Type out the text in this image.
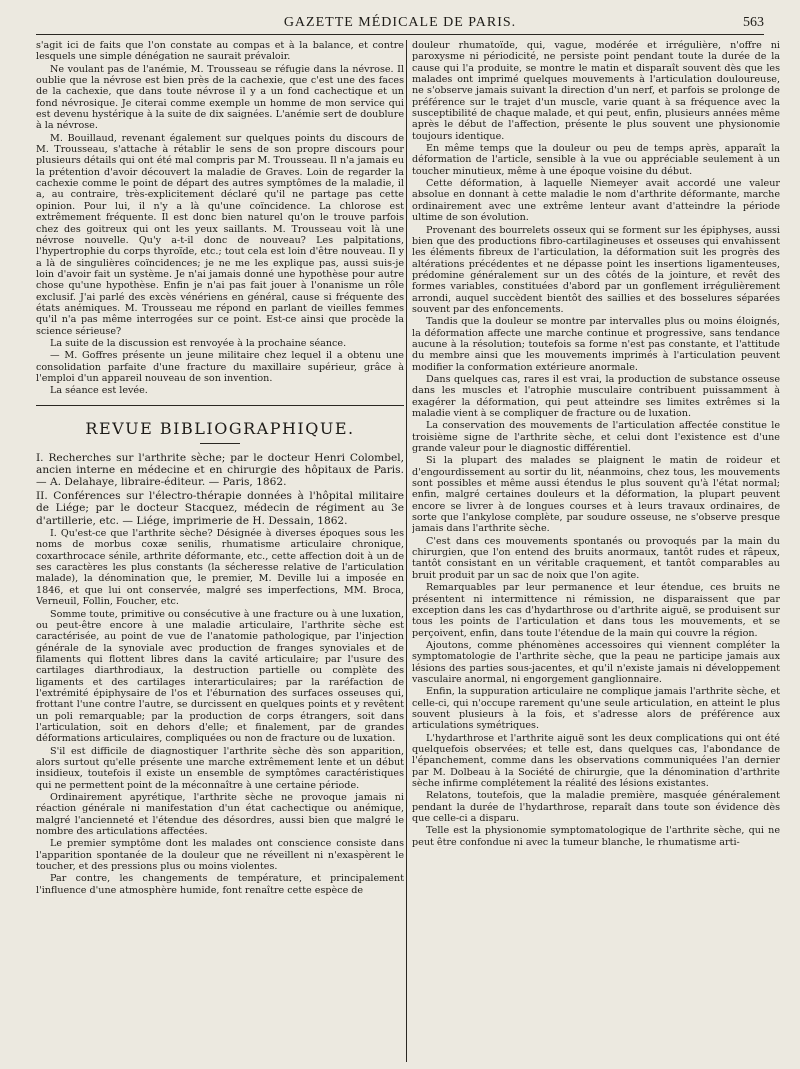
GAZETTE MÉDICALE DE PARIS.	563

s'agit ici de faits que l'on constate au compas et à la balance, et contre lesquels une simple dénégation ne saurait prévaloir.

Ne voulant pas de l'anémie, M. Trousseau se réfugie dans la névrose. Il oublie que la névrose est bien près de la cachexie, que c'est une des faces de la cachexie, que dans toute névrose il y a un fond cachectique et un fond névrosique. Je citerai comme exemple un homme de mon service qui est devenu hystérique à la suite de dix saignées. L'anémie sert de doublure à la névrose.

M. Bouillaud, revenant également sur quelques points du discours de M. Trousseau, s'attache à rétablir le sens de son propre discours pour plusieurs détails qui ont été mal compris par M. Trousseau. Il n'a jamais eu la prétention d'avoir découvert la maladie de Graves. Loin de regarder la cachexie comme le point de départ des autres symptômes de la maladie, il a, au contraire, très-explicitement déclaré qu'il ne partage pas cette opinion. Pour lui, il n'y a là qu'une coïncidence. La chlorose est extrêmement fréquente. Il est donc bien naturel qu'on le trouve parfois chez des goitreux qui ont les yeux saillants. M. Trousseau voit là une névrose nouvelle. Qu'y a-t-il donc de nouveau? Les palpitations, l'hypertrophie du corps thyroïde, etc.; tout cela est loin d'être nouveau. Il y a là de singulières coïncidences; je ne me les explique pas, aussi suis-je loin d'avoir fait un système. Je n'ai jamais donné une hypothèse pour autre chose qu'une hypothèse. Enfin je n'ai pas fait jouer à l'onanisme un rôle exclusif. J'ai parlé des excès vénériens en général, cause si fréquente des états anémiques. M. Trousseau me répond en parlant de vieilles femmes qu'il n'a pas même interrogées sur ce point. Est-ce ainsi que procède la science sérieuse?

La suite de la discussion est renvoyée à la prochaine séance.

— M. Goffres présente un jeune militaire chez lequel il a obtenu une consolidation parfaite d'une fracture du maxillaire supérieur, grâce à l'emploi d'un appareil nouveau de son invention.

La séance est levée.

REVUE BIBLIOGRAPHIQUE.

I. Recherches sur l'arthrite sèche; par le docteur Henri Colombel, ancien interne en médecine et en chirurgie des hôpitaux de Paris. — A. Delahaye, libraire-éditeur. — Paris, 1862.

II. Conférences sur l'électro-thérapie données à l'hôpital militaire de Liége; par le docteur Stacquez, médecin de régiment au 3e d'artillerie, etc. — Liége, imprimerie de H. Dessain, 1862.

I. Qu'est-ce que l'arthrite sèche? Désignée à diverses époques sous les noms de morbus coxæ senilis, rhumatisme articulaire chronique, coxarthrocace sénile, arthrite déformante, etc., cette affection doit à un de ses caractères les plus constants (la sécheresse relative de l'articulation malade), la dénomination que, le premier, M. Deville lui a imposée en 1846, et que lui ont conservée, malgré ses imperfections, MM. Broca, Verneuil, Follin, Foucher, etc.

Somme toute, primitive ou consécutive à une fracture ou à une luxation, ou peut-être encore à une maladie articulaire, l'arthrite sèche est caractérisée, au point de vue de l'anatomie pathologique, par l'injection générale de la synoviale avec production de franges synoviales et de filaments qui flottent libres dans la cavité articulaire; par l'usure des cartilages diarthrodiaux, la destruction partielle ou complète des ligaments et des cartilages interarticulaires; par la raréfaction de l'extrémité épiphysaire de l'os et l'éburnation des surfaces osseuses qui, frottant l'une contre l'autre, se durcissent en quelques points et y revêtent un poli remarquable; par la production de corps étrangers, soit dans l'articulation, soit en dehors d'elle; et finalement, par de grandes déformations articulaires, compliquées ou non de fracture ou de luxation.

S'il est difficile de diagnostiquer l'arthrite sèche dès son apparition, alors surtout qu'elle présente une marche extrêmement lente et un début insidieux, toutefois il existe un ensemble de symptômes caractéristiques qui ne permettent point de la méconnaître à une certaine période.

Ordinairement apyrétique, l'arthrite sèche ne provoque jamais ni réaction générale ni manifestation d'un état cachectique ou anémique, malgré l'ancienneté et l'étendue des désordres, aussi bien que malgré le nombre des articulations affectées.

Le premier symptôme dont les malades ont conscience consiste dans l'apparition spontanée de la douleur que ne réveillent ni n'exaspèrent le toucher, et des pressions plus ou moins violentes.

Par contre, les changements de température, et principalement l'influence d'une atmosphère humide, font renaître cette espèce de

douleur rhumatoïde, qui, vague, modérée et irrégulière, n'offre ni paroxysme ni périodicité, ne persiste point pendant toute la durée de la cause qui l'a produite, se montre le matin et disparaît souvent dès que les malades ont imprimé quelques mouvements à l'articulation douloureuse, ne s'observe jamais suivant la direction d'un nerf, et parfois se prolonge de préférence sur le trajet d'un muscle, varie quant à sa fréquence avec la susceptibilité de chaque malade, et qui peut, enfin, plusieurs années même après le début de l'affection, présente le plus souvent une physionomie toujours identique.

En même temps que la douleur ou peu de temps après, apparaît la déformation de l'article, sensible à la vue ou appréciable seulement à un toucher minutieux, même à une époque voisine du début.

Cette déformation, à laquelle Niemeyer avait accordé une valeur absolue en donnant à cette maladie le nom d'arthrite déformante, marche ordinairement avec une extrême lenteur avant d'atteindre la période ultime de son évolution.

Provenant des bourrelets osseux qui se forment sur les épiphyses, aussi bien que des productions fibro-cartilagineuses et osseuses qui envahissent les éléments fibreux de l'articulation, la déformation suit les progrès des altérations précédentes et ne dépasse point les insertions ligamenteuses, prédomine généralement sur un des côtés de la jointure, et revêt des formes variables, constituées d'abord par un gonflement irrégulièrement arrondi, auquel succèdent bientôt des saillies et des bosselures séparées souvent par des enfoncements.

Tandis que la douleur se montre par intervalles plus ou moins éloignés, la déformation affecte une marche continue et progressive, sans tendance aucune à la résolution; toutefois sa forme n'est pas constante, et l'attitude du membre ainsi que les mouvements imprimés à l'articulation peuvent modifier la conformation extérieure anormale.

Dans quelques cas, rares il est vrai, la production de substance osseuse dans les muscles et l'atrophie musculaire contribuent puissamment à exagérer la déformation, qui peut atteindre ses limites extrêmes si la maladie vient à se compliquer de fracture ou de luxation.

La conservation des mouvements de l'articulation affectée constitue le troisième signe de l'arthrite sèche, et celui dont l'existence est d'une grande valeur pour le diagnostic différentiel.

Si la plupart des malades se plaignent le matin de roideur et d'engourdissement au sortir du lit, néanmoins, chez tous, les mouvements sont possibles et même aussi étendus le plus souvent qu'à l'état normal; enfin, malgré certaines douleurs et la déformation, la plupart peuvent encore se livrer à de longues courses et à leurs travaux ordinaires, de sorte que l'ankylose complète, par soudure osseuse, ne s'observe presque jamais dans l'arthrite sèche.

C'est dans ces mouvements spontanés ou provoqués par la main du chirurgien, que l'on entend des bruits anormaux, tantôt rudes et râpeux, tantôt consistant en un véritable craquement, et tantôt comparables au bruit produit par un sac de noix que l'on agite.

Remarquables par leur permanence et leur étendue, ces bruits ne présentent ni intermittence ni rémission, ne disparaissent que par exception dans les cas d'hydarthrose ou d'arthrite aiguë, se produisent sur tous les points de l'articulation et dans tous les mouvements, et se perçoivent, enfin, dans toute l'étendue de la main qui couvre la région.

Ajoutons, comme phénomènes accessoires qui viennent compléter la symptomatologie de l'arthrite sèche, que la peau ne participe jamais aux lésions des parties sous-jacentes, et qu'il n'existe jamais ni développement vasculaire anormal, ni engorgement ganglionnaire.

Enfin, la suppuration articulaire ne complique jamais l'arthrite sèche, et celle-ci, qui n'occupe rarement qu'une seule articulation, en atteint le plus souvent plusieurs à la fois, et s'adresse alors de préférence aux articulations symétriques.

L'hydarthrose et l'arthrite aiguë sont les deux complications qui ont été quelquefois observées; et telle est, dans quelques cas, l'abondance de l'épanchement, comme dans les observations communiquées l'an dernier par M. Dolbeau à la Société de chirurgie, que la dénomination d'arthrite sèche infirme complétement la réalité des lésions existantes.

Relatons, toutefois, que la maladie première, masquée généralement pendant la durée de l'hydarthrose, reparaît dans toute son évidence dès que celle-ci a disparu.

Telle est la physionomie symptomatologique de l'arthrite sèche, qui ne peut être confondue ni avec la tumeur blanche, le rhumatisme arti-
